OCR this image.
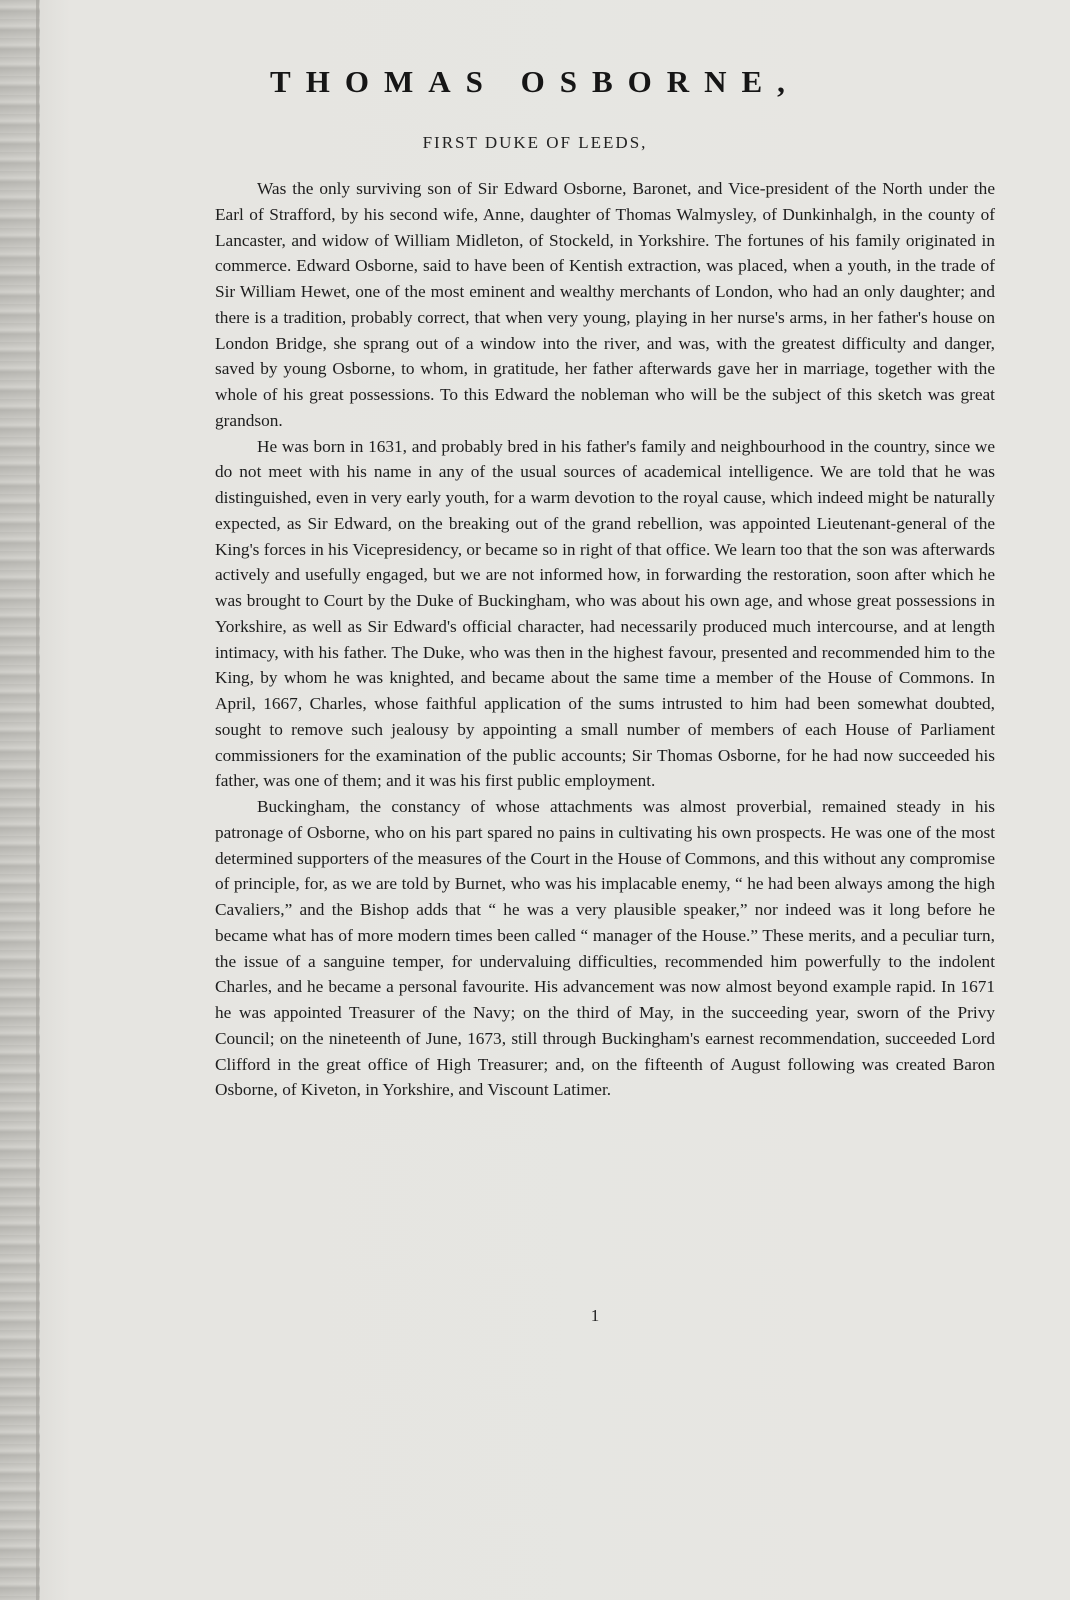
THOMAS OSBORNE,
FIRST DUKE OF LEEDS,

Was the only surviving son of Sir Edward Osborne, Baronet, and Vice-president of the North under the Earl of Strafford, by his second wife, Anne, daughter of Thomas Walmysley, of Dunkinhalgh, in the county of Lancaster, and widow of William Midleton, of Stockeld, in Yorkshire. The fortunes of his family originated in commerce. Edward Osborne, said to have been of Kentish extraction, was placed, when a youth, in the trade of Sir William Hewet, one of the most eminent and wealthy merchants of London, who had an only daughter; and there is a tradition, probably correct, that when very young, playing in her nurse's arms, in her father's house on London Bridge, she sprang out of a window into the river, and was, with the greatest difficulty and danger, saved by young Osborne, to whom, in gratitude, her father afterwards gave her in marriage, together with the whole of his great possessions. To this Edward the nobleman who will be the subject of this sketch was great grandson.

He was born in 1631, and probably bred in his father's family and neighbourhood in the country, since we do not meet with his name in any of the usual sources of academical intelligence. We are told that he was distinguished, even in very early youth, for a warm devotion to the royal cause, which indeed might be naturally expected, as Sir Edward, on the breaking out of the grand rebellion, was appointed Lieutenant-general of the King's forces in his Vicepresidency, or became so in right of that office. We learn too that the son was afterwards actively and usefully engaged, but we are not informed how, in forwarding the restoration, soon after which he was brought to Court by the Duke of Buckingham, who was about his own age, and whose great possessions in Yorkshire, as well as Sir Edward's official character, had necessarily produced much intercourse, and at length intimacy, with his father. The Duke, who was then in the highest favour, presented and recommended him to the King, by whom he was knighted, and became about the same time a member of the House of Commons. In April, 1667, Charles, whose faithful application of the sums intrusted to him had been somewhat doubted, sought to remove such jealousy by appointing a small number of members of each House of Parliament commissioners for the examination of the public accounts; Sir Thomas Osborne, for he had now succeeded his father, was one of them; and it was his first public employment.

Buckingham, the constancy of whose attachments was almost proverbial, remained steady in his patronage of Osborne, who on his part spared no pains in cultivating his own prospects. He was one of the most determined supporters of the measures of the Court in the House of Commons, and this without any compromise of principle, for, as we are told by Burnet, who was his implacable enemy, “ he had been always among the high Cavaliers,” and the Bishop adds that “ he was a very plausible speaker,” nor indeed was it long before he became what has of more modern times been called “ manager of the House.” These merits, and a peculiar turn, the issue of a sanguine temper, for undervaluing difficulties, recommended him powerfully to the indolent Charles, and he became a personal favourite. His advancement was now almost beyond example rapid. In 1671 he was appointed Treasurer of the Navy; on the third of May, in the succeeding year, sworn of the Privy Council; on the nineteenth of June, 1673, still through Buckingham's earnest recommendation, succeeded Lord Clifford in the great office of High Treasurer; and, on the fifteenth of August following was created Baron Osborne, of Kiveton, in Yorkshire, and Viscount Latimer.

1
